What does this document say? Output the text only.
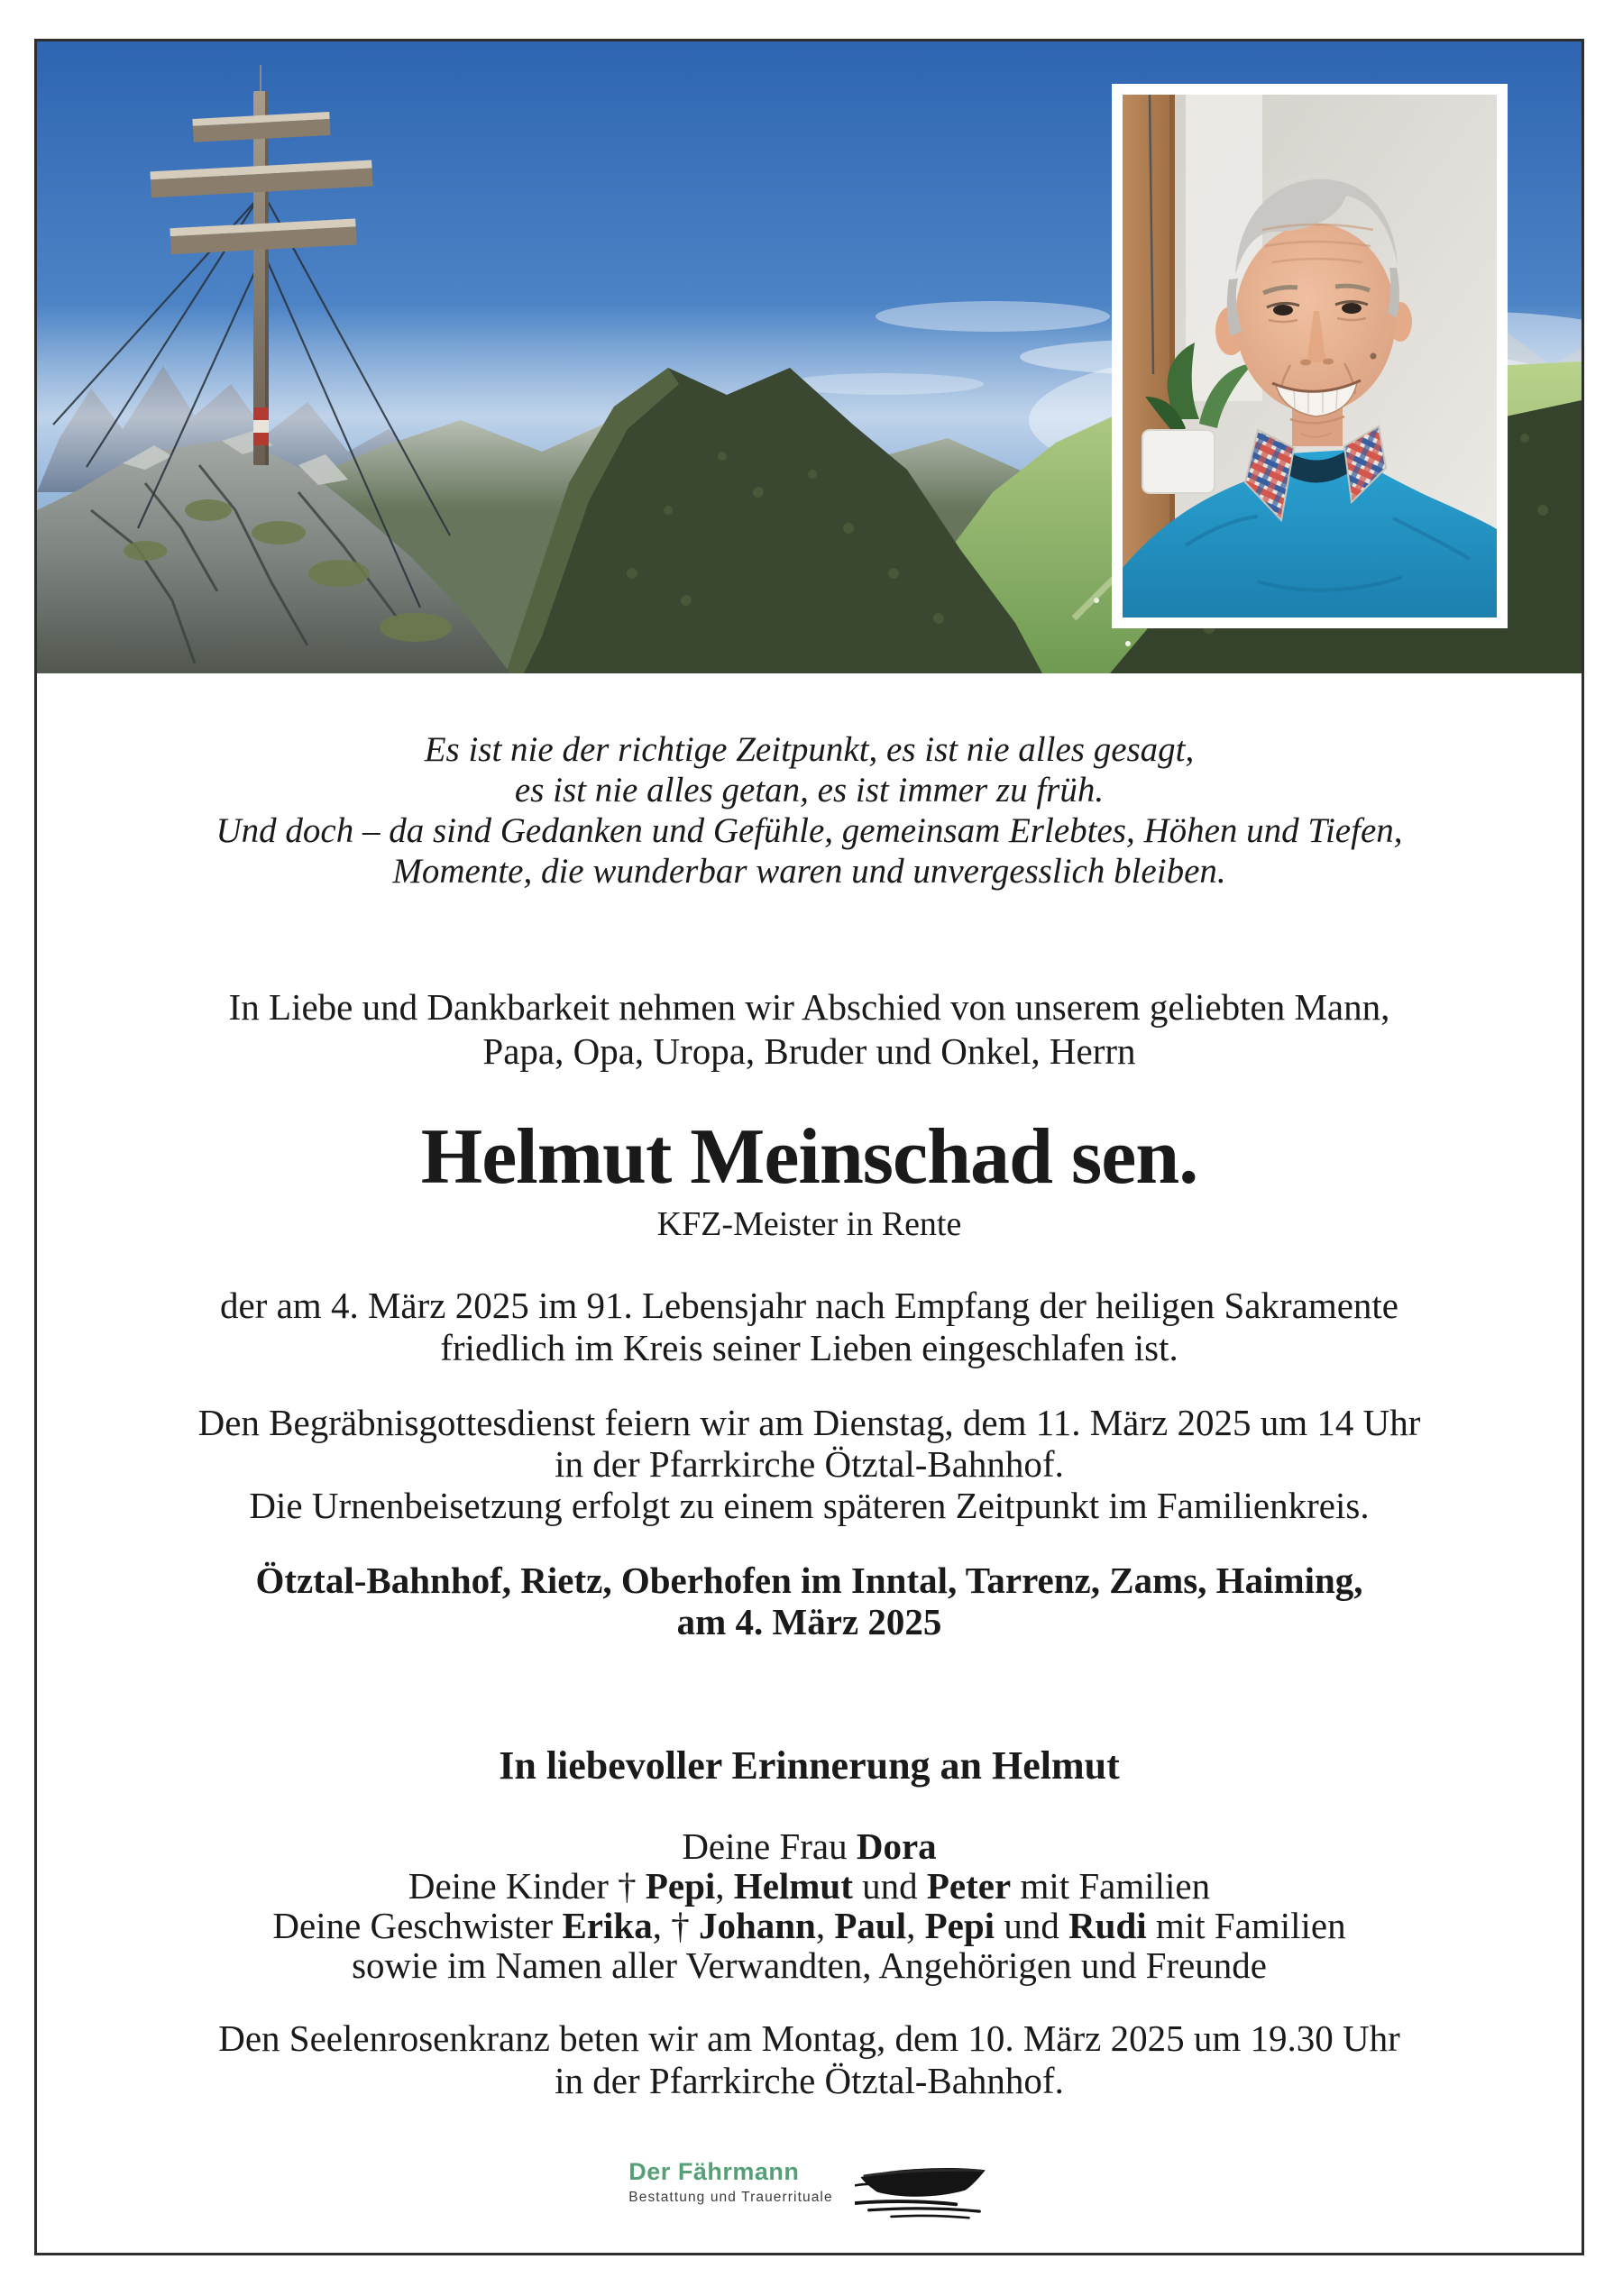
Es ist nie der richtige Zeitpunkt, es ist nie alles gesagt,
es ist nie alles getan, es ist immer zu früh.
Und doch – da sind Gedanken und Gefühle, gemeinsam Erlebtes, Höhen und Tiefen,
Momente, die wunderbar waren und unvergesslich bleiben.
In Liebe und Dankbarkeit nehmen wir Abschied von unserem geliebten Mann,
Papa, Opa, Uropa, Bruder und Onkel, Herrn
Helmut Meinschad sen.
KFZ-Meister in Rente
der am 4. März 2025 im 91. Lebensjahr nach Empfang der heiligen Sakramente
friedlich im Kreis seiner Lieben eingeschlafen ist.
Den Begräbnisgottesdienst feiern wir am Dienstag, dem 11. März 2025 um 14 Uhr
in der Pfarrkirche Ötztal-Bahnhof.
Die Urnenbeisetzung erfolgt zu einem späteren Zeitpunkt im Familienkreis.
Ötztal-Bahnhof, Rietz, Oberhofen im Inntal, Tarrenz, Zams, Haiming,
am 4. März 2025
In liebevoller Erinnerung an Helmut
Deine Frau Dora
Deine Kinder † Pepi, Helmut und Peter mit Familien
Deine Geschwister Erika, † Johann, Paul, Pepi und Rudi mit Familien
sowie im Namen aller Verwandten, Angehörigen und Freunde
Den Seelenrosenkranz beten wir am Montag, dem 10. März 2025 um 19.30 Uhr
in der Pfarrkirche Ötztal-Bahnhof.
Der Fährmann
Bestattung und Trauerrituale
